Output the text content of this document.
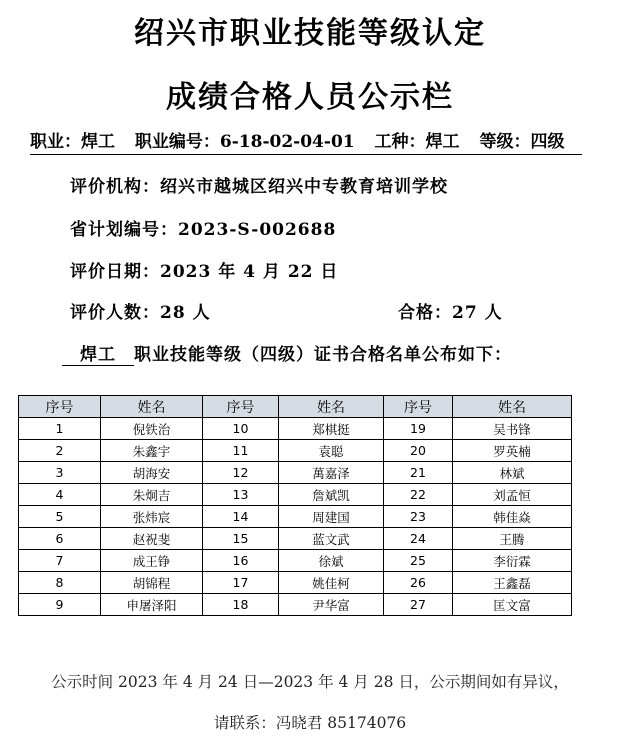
绍兴市职业技能等级认定
成绩合格人员公示栏
职业：焊工 职业编号：6-18-02-04-01 工种：焊工 等级：四级
评价机构：绍兴市越城区绍兴中专教育培训学校
省计划编号：2023-S-002688
评价日期：2023 年 4 月 22 日
评价人数：28 人	合格：27 人
焊工 职业技能等级（四级）证书合格名单公布如下：
序号	姓名	序号	姓名	序号	姓名
1	倪铁治	10	郑棋挺	19	吴书锋
2	朱鑫宇	11	袁聪	20	罗英楠
3	胡海安	12	萬嘉泽	21	林斌
4	朱炯吉	13	詹斌凯	22	刘孟恒
5	张炜宸	14	周建国	23	韩佳焱
6	赵祝斐	15	蓝文武	24	王腾
7	成王铮	16	徐斌	25	李衍霖
8	胡锦程	17	姚佳柯	26	王鑫磊
9	申屠泽阳	18	尹华富	27	匡文富
公示时间 2023 年 4 月 24 日—2023 年 4 月 28 日，公示期间如有异议，
请联系：冯晓君 85174076
